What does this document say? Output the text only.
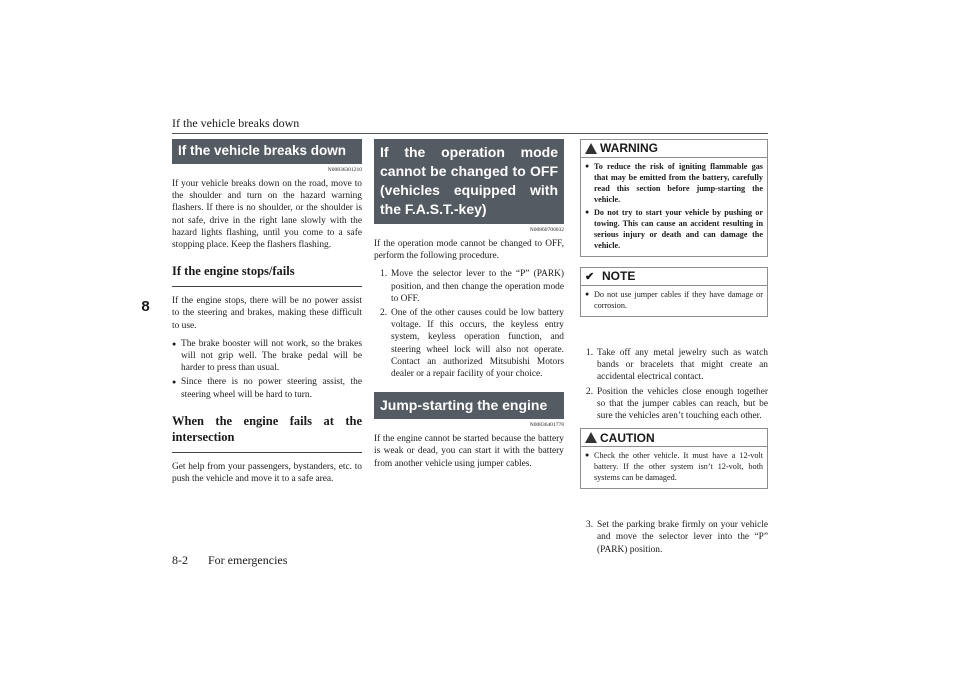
If the vehicle breaks down
8
8-2 For emergencies
If the vehicle breaks down
N00836301210

If your vehicle breaks down on the road, move to the shoulder and turn on the hazard warning flashers. If there is no shoulder, or the shoulder is not safe, drive in the right lane slowly with the hazard lights flashing, until you come to a safe stopping place. Keep the flashers flashing.

If the engine stops/fails

If the engine stops, there will be no power assist to the steering and brakes, making these difficult to use.

● The brake booster will not work, so the brakes will not grip well. The brake pedal will be harder to press than usual.
● Since there is no power steering assist, the steering wheel will be hard to turn.
When the engine fails at the intersection

Get help from your passengers, bystanders, etc. to push the vehicle and move it to a safe area.

If the operation mode cannot be changed to OFF (vehicles equipped with the F.A.S.T.-key)
N00860700032

If the operation mode cannot be changed to OFF, perform the following procedure.

1. Move the selector lever to the “P” (PARK) position, and then change the operation mode to OFF.
2. One of the other causes could be low battery voltage. If this occurs, the keyless entry system, keyless operation function, and steering wheel lock will also not operate. Contact an authorized Mitsubishi Motors dealer or a repair facility of your choice.
Jump-starting the engine
N00836401778

If the engine cannot be started because the battery is weak or dead, you can start it with the battery from another vehicle using jumper cables.

WARNING
● To reduce the risk of igniting flammable gas that may be emitted from the battery, carefully read this section before jump-starting the vehicle.
● Do not try to start your vehicle by pushing or towing. This can cause an accident resulting in serious injury or death and can damage the vehicle.
✔ NOTE
● Do not use jumper cables if they have damage or corrosion.
1. Take off any metal jewelry such as watch bands or bracelets that might create an accidental electrical contact.
2. Position the vehicles close enough together so that the jumper cables can reach, but be sure the vehicles aren’t touching each other.
CAUTION
● Check the other vehicle. It must have a 12-volt battery. If the other system isn’t 12-volt, both systems can be damaged.
3. Set the parking brake firmly on your vehicle and move the selector lever into the “P” (PARK) position.
